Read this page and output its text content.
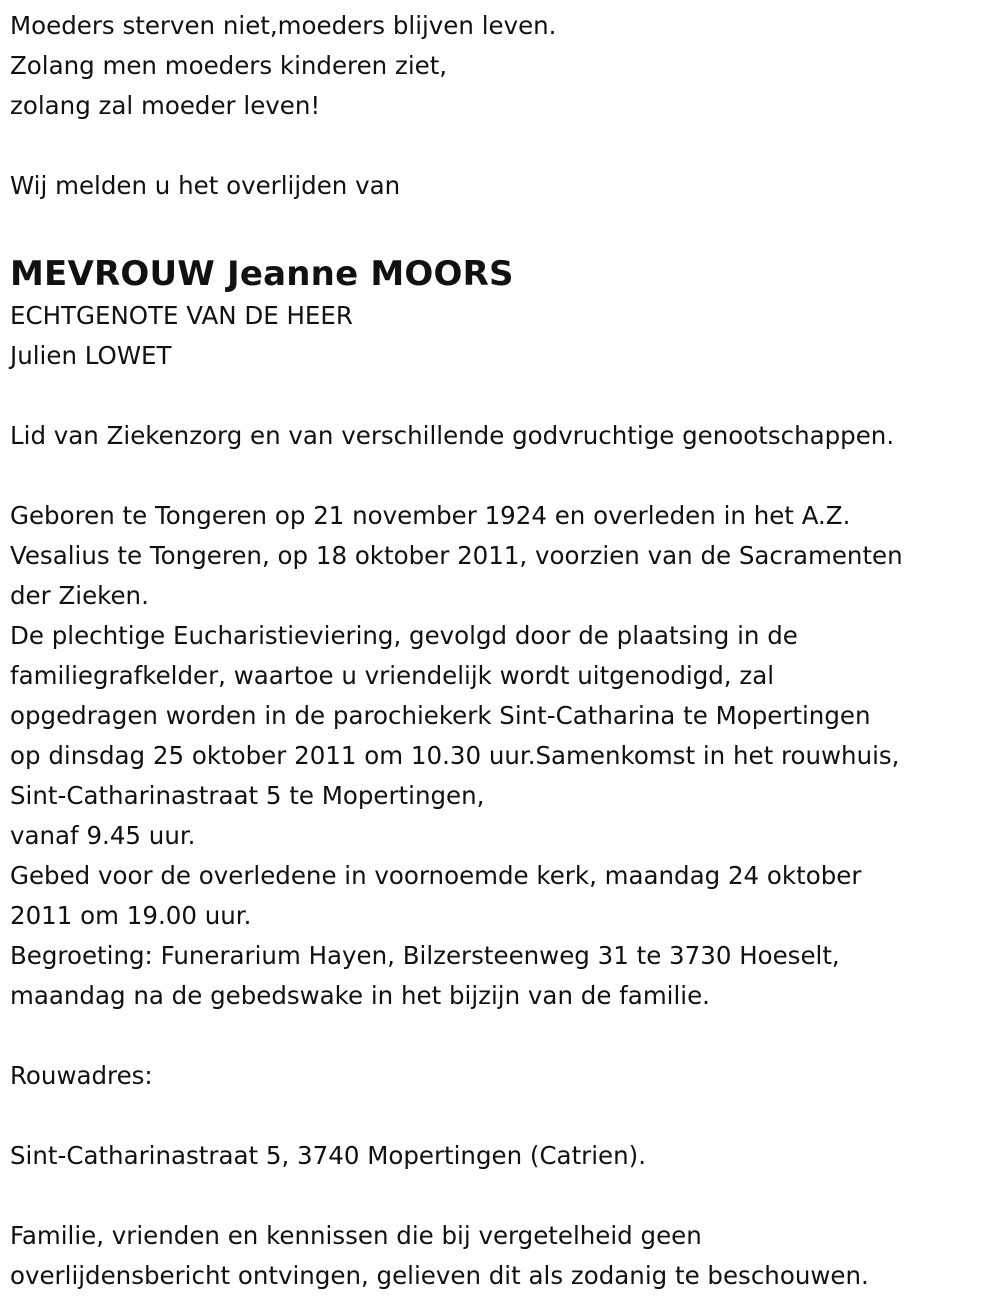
Moeders sterven niet,moeders blijven leven.
Zolang men moeders kinderen ziet,
zolang zal moeder leven!
Wij melden u het overlijden van
MEVROUW Jeanne MOORS
ECHTGENOTE VAN DE HEER
Julien LOWET
Lid van Ziekenzorg en van verschillende godvruchtige genootschappen.
Geboren te Tongeren op 21 november 1924 en overleden in het A.Z.
Vesalius te Tongeren, op 18 oktober 2011, voorzien van de Sacramenten
der Zieken.
De plechtige Eucharistieviering, gevolgd door de plaatsing in de
familiegrafkelder, waartoe u vriendelijk wordt uitgenodigd, zal
opgedragen worden in de parochiekerk Sint-Catharina te Mopertingen
op dinsdag 25 oktober 2011 om 10.30 uur.Samenkomst in het rouwhuis,
Sint-Catharinastraat 5 te Mopertingen,
vanaf 9.45 uur.
Gebed voor de overledene in voornoemde kerk, maandag 24 oktober
2011 om 19.00 uur.
Begroeting: Funerarium Hayen, Bilzersteenweg 31 te 3730 Hoeselt,
maandag na de gebedswake in het bijzijn van de familie.
Rouwadres:
Sint-Catharinastraat 5, 3740 Mopertingen (Catrien).
Familie, vrienden en kennissen die bij vergetelheid geen
overlijdensbericht ontvingen, gelieven dit als zodanig te beschouwen.
